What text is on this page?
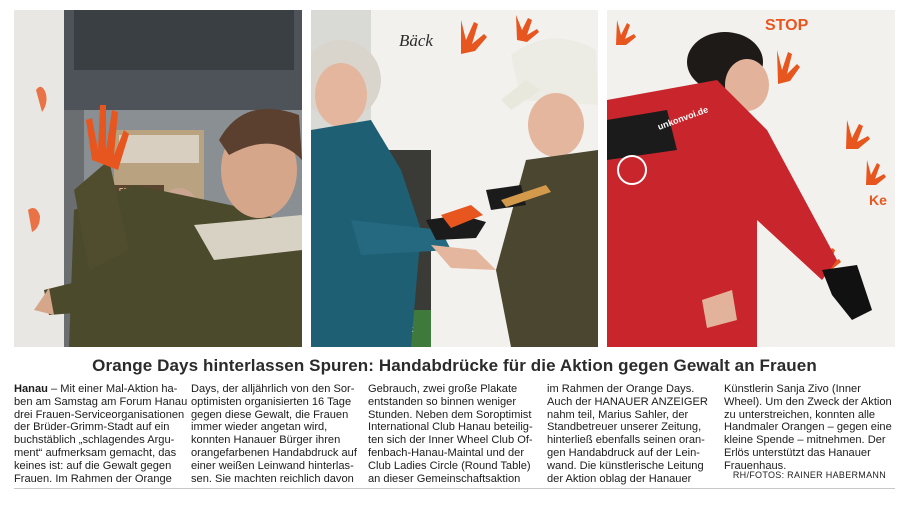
Bäck
STOP
Ke
unkonvoi.de
Orange Days hinterlassen Spuren: Handabdrücke für die Aktion gegen Gewalt an Frauen
Hanau – Mit einer Mal-Aktion ha-
ben am Samstag am Forum Hanau
drei Frauen-Serviceorganisationen
der Brüder-Grimm-Stadt auf ein
buchstäblich „schlagendes Argu-
ment“ aufmerksam gemacht, das
keines ist: auf die Gewalt gegen
Frauen. Im Rahmen der Orange
Days, der alljährlich von den Sor-
optimisten organisierten 16 Tage
gegen diese Gewalt, die Frauen
immer wieder angetan wird,
konnten Hanauer Bürger ihren
orangefarbenen Handabdruck auf
einer weißen Leinwand hinterlas-
sen. Sie machten reichlich davon
Gebrauch, zwei große Plakate
entstanden so binnen weniger
Stunden. Neben dem Soroptimist
International Club Hanau beteilig-
ten sich der Inner Wheel Club Of-
fenbach-Hanau-Maintal und der
Club Ladies Circle (Round Table)
an dieser Gemeinschaftsaktion
im Rahmen der Orange Days.
Auch der HANAUER ANZEIGER
nahm teil, Marius Sahler, der
Standbetreuer unserer Zeitung,
hinterließ ebenfalls seinen oran-
gen Handabdruck auf der Lein-
wand. Die künstlerische Leitung
der Aktion oblag der Hanauer
Künstlerin Sanja Zivo (Inner
Wheel). Um den Zweck der Aktion
zu unterstreichen, konnten alle
Handmaler Orangen – gegen eine
kleine Spende – mitnehmen. Der
Erlös unterstützt das Hanauer
Frauenhaus.
RH/FOTOS: RAINER HABERMANN
